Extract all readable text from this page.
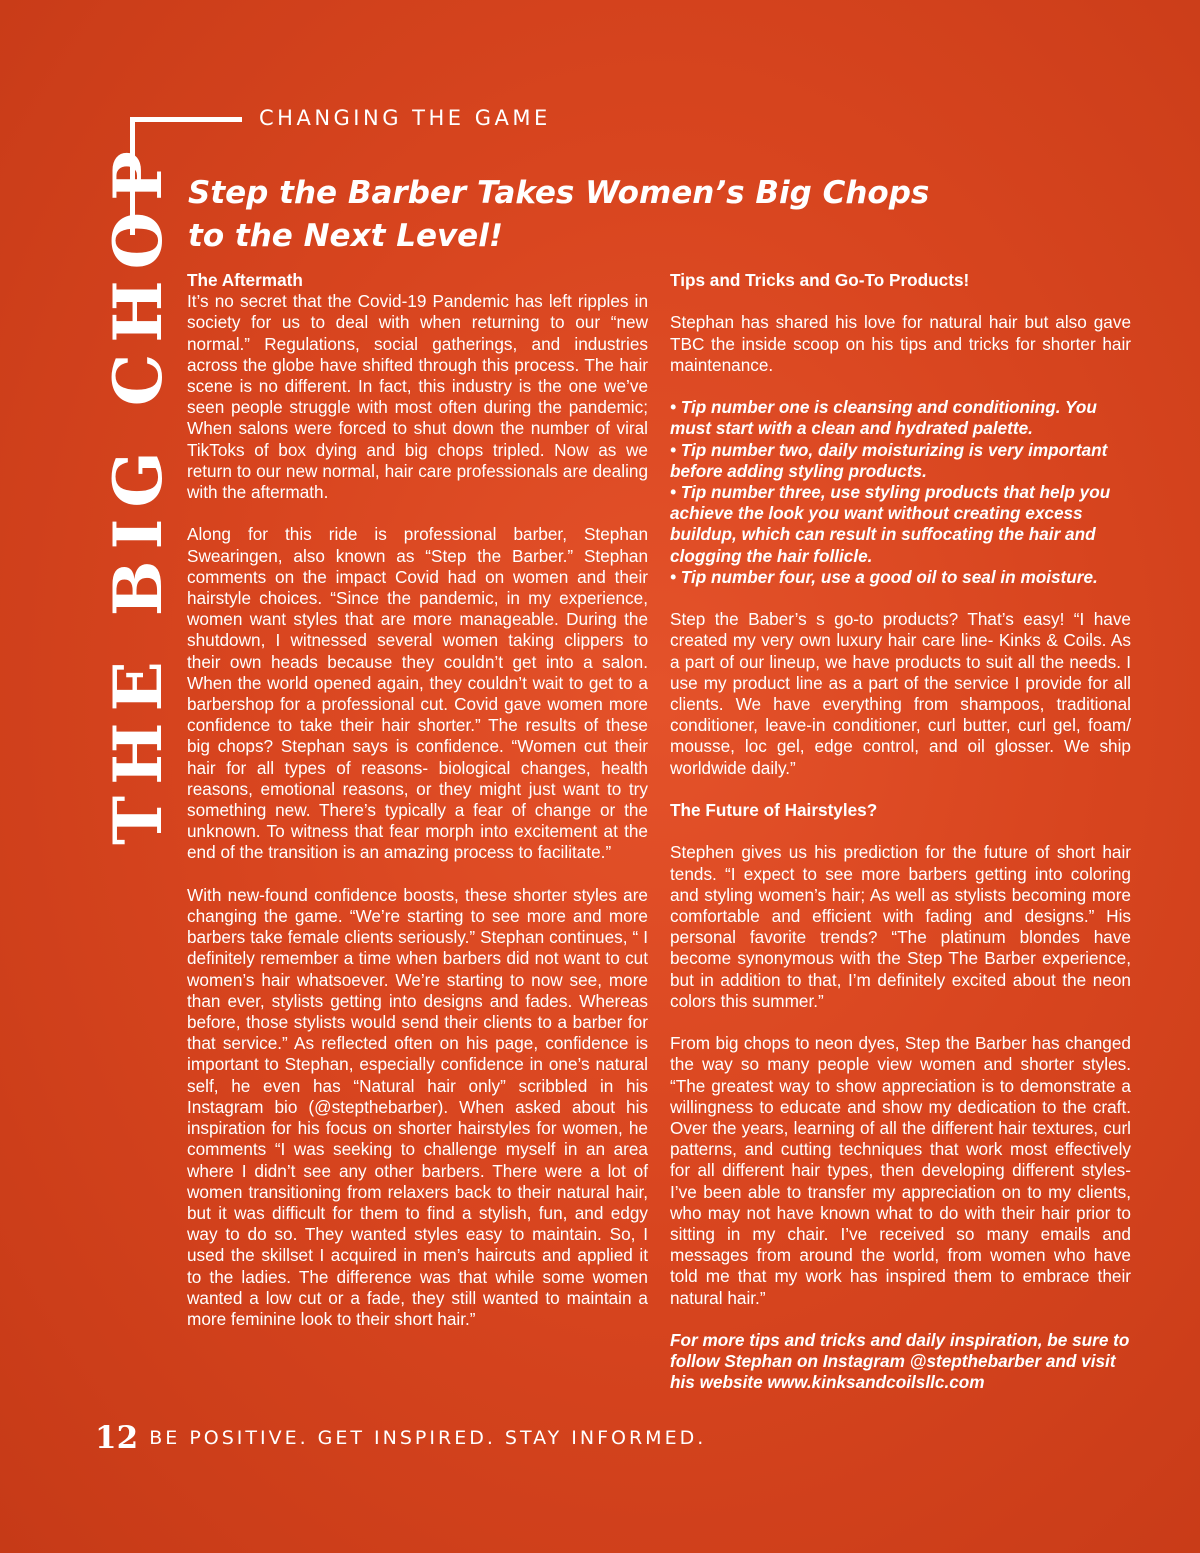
CHANGING THE GAME
THE BIG CHOP Step the Barber Takes Women’s Big Chops to the Next Level!

The Aftermath

It’s no secret that the Covid-19 Pandemic has left ripples in society for us to deal with when returning to our “new normal.” Regulations, social gatherings, and industries across the globe have shifted through this process. The hair scene is no different. In fact, this industry is the one we’ve seen people struggle with most often during the pandemic; When salons were forced to shut down the number of viral TikToks of box dying and big chops tripled. Now as we return to our new normal, hair care professionals are dealing with the aftermath.

Along for this ride is professional barber, Stephan Swearingen, also known as “Step the Barber.” Stephan comments on the impact Covid had on women and their hairstyle choices. “Since the pandemic, in my experience, women want styles that are more manageable. During the shutdown, I witnessed several women taking clippers to their own heads because they couldn’t get into a salon. When the world opened again, they couldn’t wait to get to a barbershop for a professional cut. Covid gave women more confidence to take their hair shorter.” The results of these big chops? Stephan says is confidence. “Women cut their hair for all types of reasons- biological changes, health reasons, emotional reasons, or they might just want to try something new. There’s typically a fear of change or the unknown. To witness that fear morph into excitement at the end of the transition is an amazing process to facilitate.”

With new-found confidence boosts, these shorter styles are changing the game. “We’re starting to see more and more barbers take female clients seriously.” Stephan continues, “ I definitely remember a time when barbers did not want to cut women’s hair whatsoever. We’re starting to now see, more than ever, stylists getting into designs and fades. Whereas before, those stylists would send their clients to a barber for that service.” As reflected often on his page, confidence is important to Stephan, especially confidence in one’s natural self, he even has “Natural hair only” scribbled in his Instagram bio (@stepthebarber). When asked about his inspiration for his focus on shorter hairstyles for women, he comments “I was seeking to challenge myself in an area where I didn’t see any other barbers. There were a lot of women transitioning from relaxers back to their natural hair, but it was difficult for them to find a stylish, fun, and edgy way to do so. They wanted styles easy to maintain. So, I used the skillset I acquired in men’s haircuts and applied it to the ladies. The difference was that while some women wanted a low cut or a fade, they still wanted to maintain a more feminine look to their short hair.”

Tips and Tricks and Go-To Products!

Stephan has shared his love for natural hair but also gave TBC the inside scoop on his tips and tricks for shorter hair maintenance.

• Tip number one is cleansing and conditioning. You must start with a clean and hydrated palette.
• Tip number two, daily moisturizing is very important before adding styling products.
• Tip number three, use styling products that help you achieve the look you want without creating excess buildup, which can result in suffocating the hair and clogging the hair follicle.
• Tip number four, use a good oil to seal in moisture.

Step the Baber’s s go-to products? That’s easy! “I have created my very own luxury hair care line- Kinks & Coils. As a part of our lineup, we have products to suit all the needs. I use my product line as a part of the service I provide for all clients. We have everything from shampoos, traditional conditioner, leave-in conditioner, curl butter, curl gel, foam/ mousse, loc gel, edge control, and oil glosser. We ship worldwide daily.”

The Future of Hairstyles?

Stephen gives us his prediction for the future of short hair tends. “I expect to see more barbers getting into coloring and styling women’s hair; As well as stylists becoming more comfortable and efficient with fading and designs.” His personal favorite trends? “The platinum blondes have become synonymous with the Step The Barber experience, but in addition to that, I’m definitely excited about the neon colors this summer.”

From big chops to neon dyes, Step the Barber has changed the way so many people view women and shorter styles. “The greatest way to show appreciation is to demonstrate a willingness to educate and show my dedication to the craft. Over the years, learning of all the different hair textures, curl patterns, and cutting techniques that work most effectively for all different hair types, then developing different styles- I’ve been able to transfer my appreciation on to my clients, who may not have known what to do with their hair prior to sitting in my chair. I’ve received so many emails and messages from around the world, from women who have told me that my work has inspired them to embrace their natural hair.”

For more tips and tricks and daily inspiration, be sure to follow Stephan on Instagram @stepthebarber and visit his website www.kinksandcoilsllc.com

12 BE POSITIVE. GET INSPIRED. STAY INFORMED.
